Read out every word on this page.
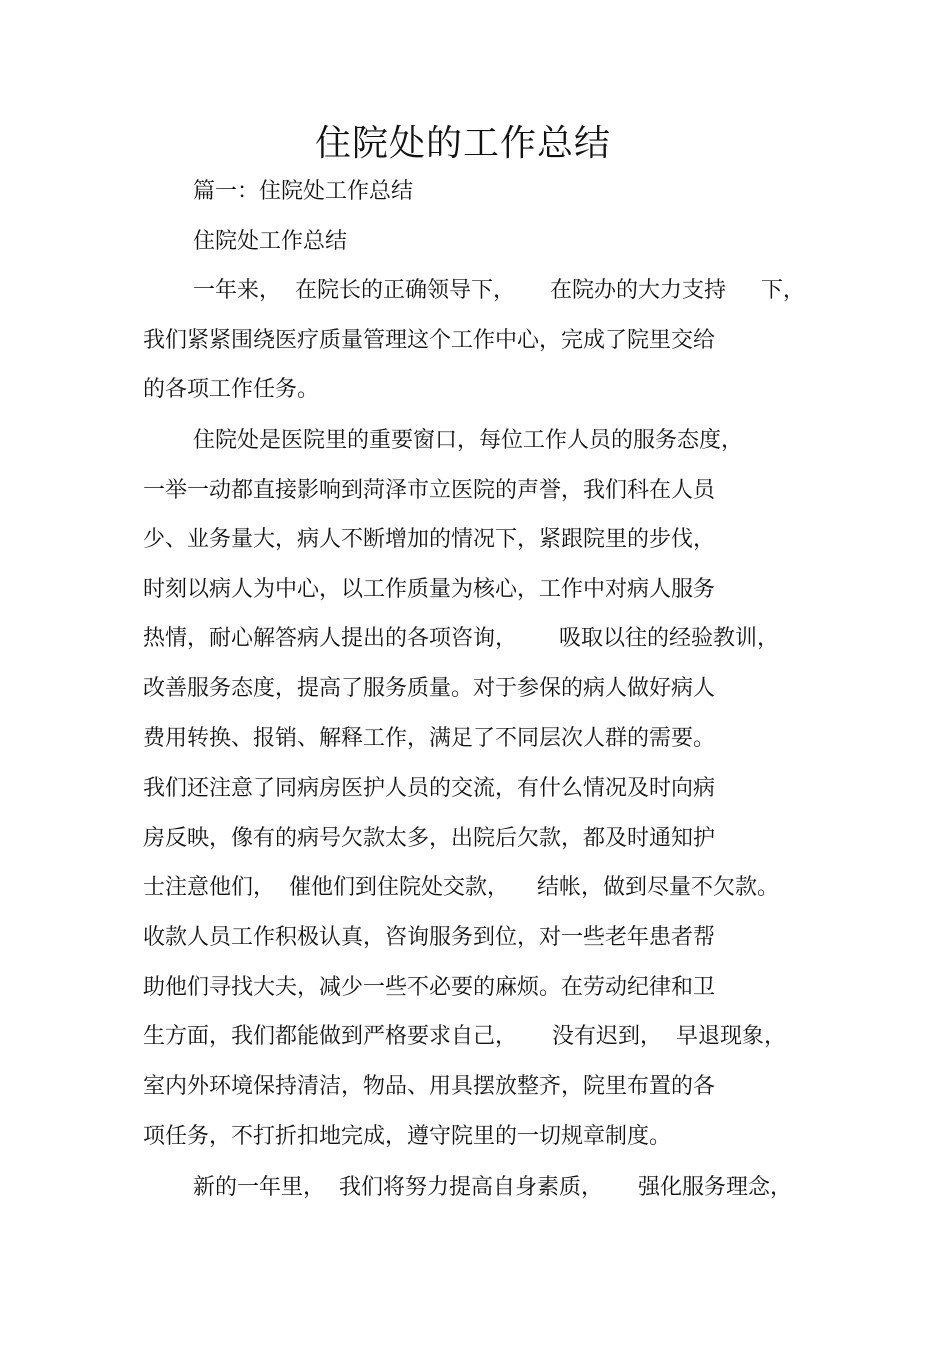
住院处的工作总结
篇一：住院处工作总结
住院处工作总结
一年来，  在院长的正确领导下，     在院办的大力支持     下，
我们紧紧围绕医疗质量管理这个工作中心，完成了院里交给
的各项工作任务。
住院处是医院里的重要窗口，每位工作人员的服务态度，
一举一动都直接影响到菏泽市立医院的声誉，我们科在人员
少、业务量大，病人不断增加的情况下，紧跟院里的步伐，
时刻以病人为中心，以工作质量为核心，工作中对病人服务
热情，耐心解答病人提出的各项咨询，      吸取以往的经验教训，
改善服务态度，提高了服务质量。对于参保的病人做好病人
费用转换、报销、解释工作，满足了不同层次人群的需要。
我们还注意了同病房医护人员的交流，有什么情况及时向病
房反映，像有的病号欠款太多，出院后欠款，都及时通知护
士注意他们，  催他们到住院处交款，    结帐，做到尽量不欠款。
收款人员工作积极认真，咨询服务到位，对一些老年患者帮
助他们寻找大夫，减少一些不必要的麻烦。在劳动纪律和卫
生方面，我们都能做到严格要求自己，     没有迟到，  早退现象，
室内外环境保持清洁，物品、用具摆放整齐，院里布置的各
项任务，不打折扣地完成，遵守院里的一切规章制度。
新的一年里，  我们将努力提高自身素质，     强化服务理念，
